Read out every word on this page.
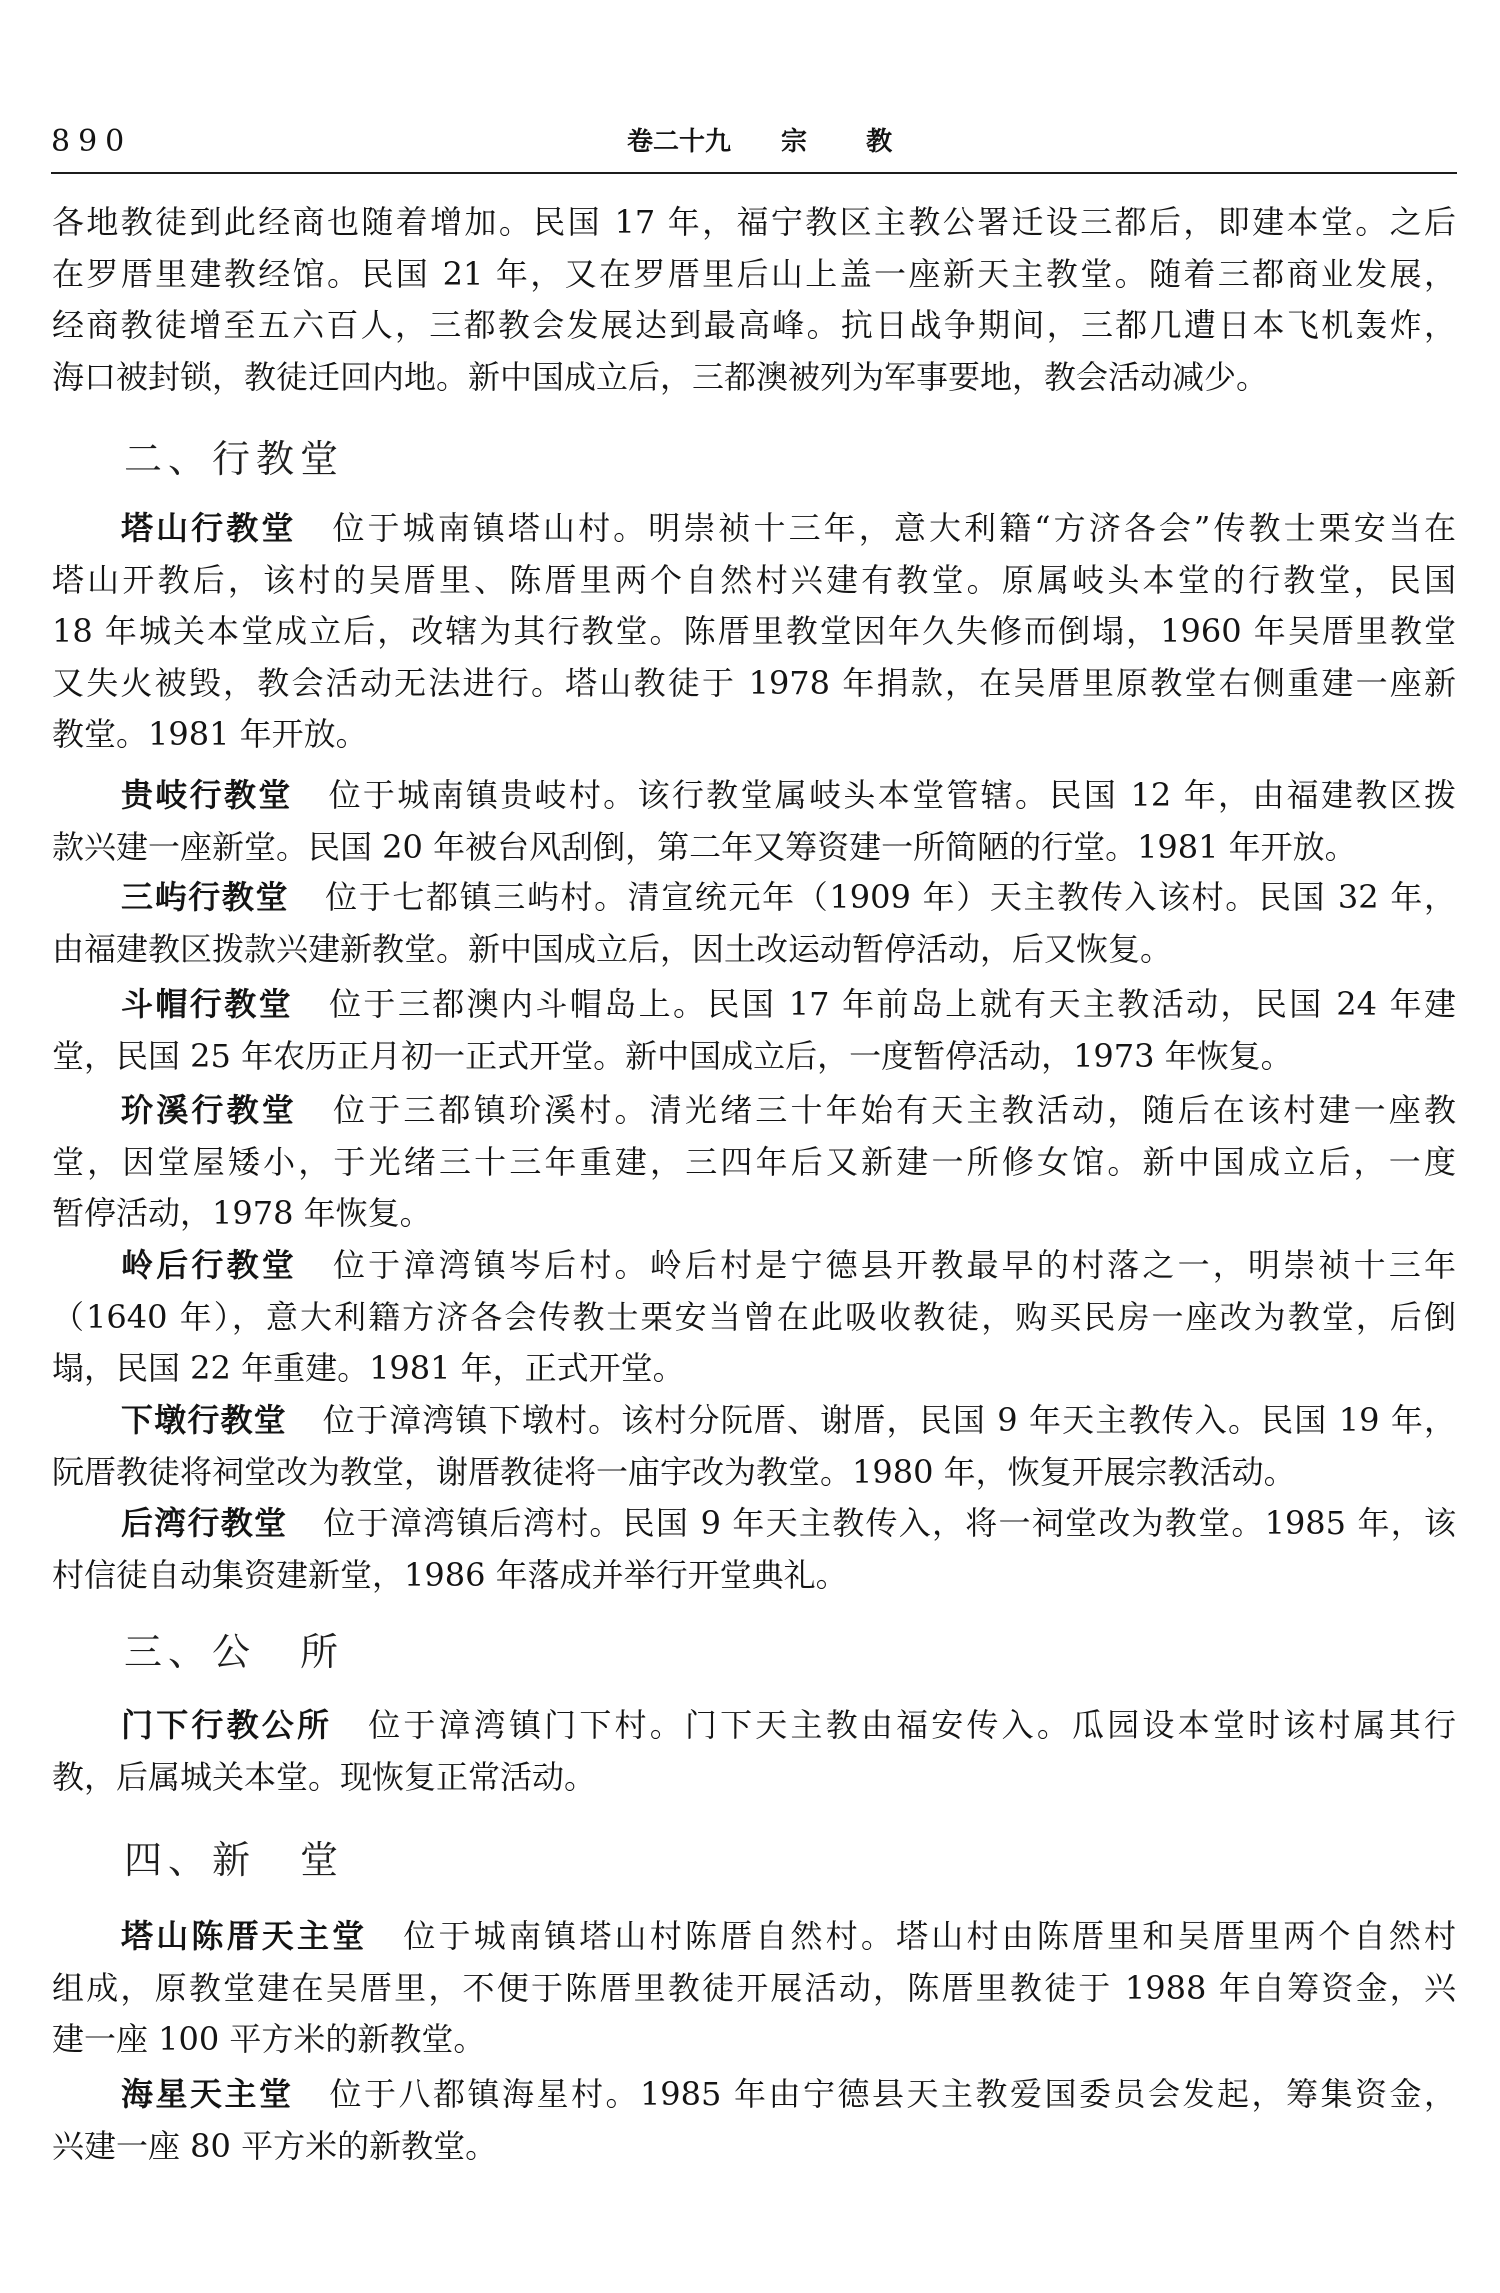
890	卷二十九 宗 教
各地教徒到此经商也随着增加。民国 17 年，福宁教区主教公署迁设三都后，即建本堂。之后
在罗厝里建教经馆。民国 21 年，又在罗厝里后山上盖一座新天主教堂。随着三都商业发展，
经商教徒增至五六百人，三都教会发展达到最高峰。抗日战争期间，三都几遭日本飞机轰炸，
海口被封锁，教徒迁回内地。新中国成立后，三都澳被列为军事要地，教会活动减少。
二、行教堂
塔山行教堂 位于城南镇塔山村。明崇祯十三年，意大利籍“方济各会”传教士栗安当在
塔山开教后，该村的吴厝里、陈厝里两个自然村兴建有教堂。原属岐头本堂的行教堂，民国
18 年城关本堂成立后，改辖为其行教堂。陈厝里教堂因年久失修而倒塌，1960 年吴厝里教堂
又失火被毁，教会活动无法进行。塔山教徒于 1978 年捐款，在吴厝里原教堂右侧重建一座新
教堂。1981 年开放。
贵岐行教堂 位于城南镇贵岐村。该行教堂属岐头本堂管辖。民国 12 年，由福建教区拨
款兴建一座新堂。民国 20 年被台风刮倒，第二年又筹资建一所简陋的行堂。1981 年开放。
三屿行教堂 位于七都镇三屿村。清宣统元年（1909 年）天主教传入该村。民国 32 年，
由福建教区拨款兴建新教堂。新中国成立后，因土改运动暂停活动，后又恢复。
斗帽行教堂 位于三都澳内斗帽岛上。民国 17 年前岛上就有天主教活动，民国 24 年建
堂，民国 25 年农历正月初一正式开堂。新中国成立后，一度暂停活动，1973 年恢复。
玠溪行教堂 位于三都镇玠溪村。清光绪三十年始有天主教活动，随后在该村建一座教
堂，因堂屋矮小，于光绪三十三年重建，三四年后又新建一所修女馆。新中国成立后，一度
暂停活动，1978 年恢复。
岭后行教堂 位于漳湾镇岑后村。岭后村是宁德县开教最早的村落之一，明崇祯十三年
（1640 年），意大利籍方济各会传教士栗安当曾在此吸收教徒，购买民房一座改为教堂，后倒
塌，民国 22 年重建。1981 年，正式开堂。
下墩行教堂 位于漳湾镇下墩村。该村分阮厝、谢厝，民国 9 年天主教传入。民国 19 年，
阮厝教徒将祠堂改为教堂，谢厝教徒将一庙宇改为教堂。1980 年，恢复开展宗教活动。
后湾行教堂 位于漳湾镇后湾村。民国 9 年天主教传入，将一祠堂改为教堂。1985 年，该
村信徒自动集资建新堂，1986 年落成并举行开堂典礼。
三、公　所
门下行教公所 位于漳湾镇门下村。门下天主教由福安传入。瓜园设本堂时该村属其行
教，后属城关本堂。现恢复正常活动。
四、新　堂
塔山陈厝天主堂 位于城南镇塔山村陈厝自然村。塔山村由陈厝里和吴厝里两个自然村
组成，原教堂建在吴厝里，不便于陈厝里教徒开展活动，陈厝里教徒于 1988 年自筹资金，兴
建一座 100 平方米的新教堂。
海星天主堂 位于八都镇海星村。1985 年由宁德县天主教爱国委员会发起，筹集资金，
兴建一座 80 平方米的新教堂。
